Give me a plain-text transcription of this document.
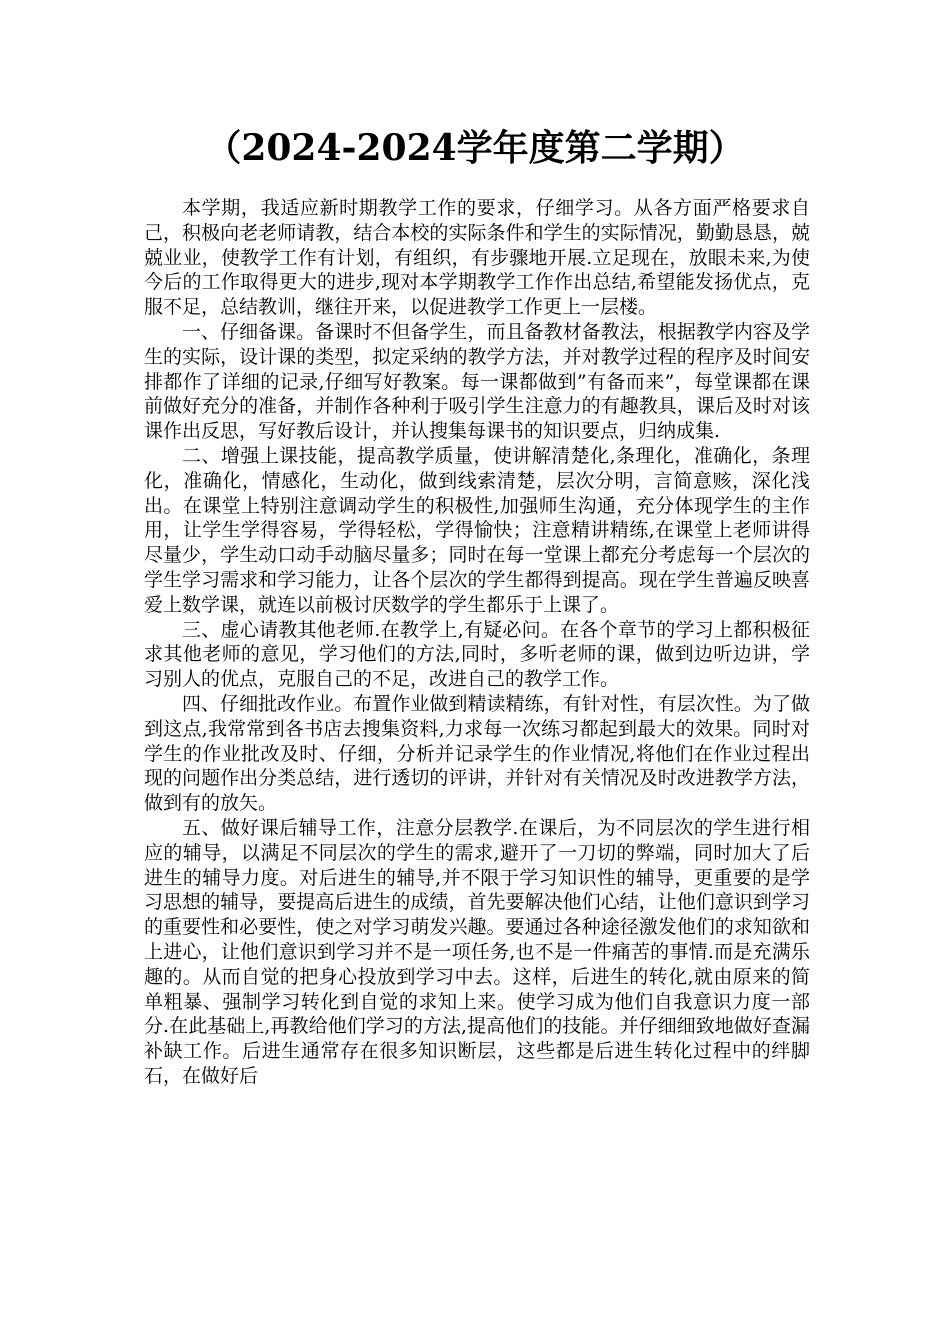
（2024-2024学年度第二学期）

本学期，我适应新时期教学工作的要求，仔细学习。从各方面严格要求自己，积极向老老师请教，结合本校的实际条件和学生的实际情况，勤勤恳恳，兢兢业业，使教学工作有计划，有组织，有步骤地开展.立足现在，放眼未来,为使今后的工作取得更大的进步,现对本学期教学工作作出总结,希望能发扬优点，克服不足，总结教训，继往开来，以促进教学工作更上一层楼。

一、仔细备课。备课时不但备学生，而且备教材备教法，根据教学内容及学生的实际，设计课的类型，拟定采纳的教学方法，并对教学过程的程序及时间安排都作了详细的记录,仔细写好教案。每一课都做到”有备而来”，每堂课都在课前做好充分的准备，并制作各种利于吸引学生注意力的有趣教具，课后及时对该课作出反思，写好教后设计，并认搜集每课书的知识要点，归纳成集.

二、增强上课技能，提高教学质量，使讲解清楚化,条理化，准确化，条理化，准确化，情感化，生动化，做到线索清楚，层次分明，言简意赅，深化浅出。在课堂上特别注意调动学生的积极性,加强师生沟通，充分体现学生的主作用，让学生学得容易，学得轻松，学得愉快；注意精讲精练,在课堂上老师讲得尽量少，学生动口动手动脑尽量多；同时在每一堂课上都充分考虑每一个层次的学生学习需求和学习能力，让各个层次的学生都得到提高。现在学生普遍反映喜爱上数学课，就连以前极讨厌数学的学生都乐于上课了。

三、虚心请教其他老师.在教学上,有疑必问。在各个章节的学习上都积极征求其他老师的意见，学习他们的方法,同时，多听老师的课，做到边听边讲，学习别人的优点，克服自己的不足，改进自己的教学工作。

四、仔细批改作业。布置作业做到精读精练，有针对性，有层次性。为了做到这点,我常常到各书店去搜集资料,力求每一次练习都起到最大的效果。同时对学生的作业批改及时、仔细，分析并记录学生的作业情况,将他们在作业过程出现的问题作出分类总结，进行透切的评讲，并针对有关情况及时改进教学方法，做到有的放矢。

五、做好课后辅导工作，注意分层教学.在课后，为不同层次的学生进行相应的辅导，以满足不同层次的学生的需求,避开了一刀切的弊端，同时加大了后进生的辅导力度。对后进生的辅导,并不限于学习知识性的辅导，更重要的是学习思想的辅导，要提高后进生的成绩，首先要解决他们心结，让他们意识到学习的重要性和必要性，使之对学习萌发兴趣。要通过各种途径激发他们的求知欲和上进心，让他们意识到学习并不是一项任务,也不是一件痛苦的事情.而是充满乐趣的。从而自觉的把身心投放到学习中去。这样，后进生的转化,就由原来的简单粗暴、强制学习转化到自觉的求知上来。使学习成为他们自我意识力度一部分.在此基础上,再教给他们学习的方法,提高他们的技能。并仔细细致地做好查漏补缺工作。后进生通常存在很多知识断层，这些都是后进生转化过程中的绊脚石，在做好后
